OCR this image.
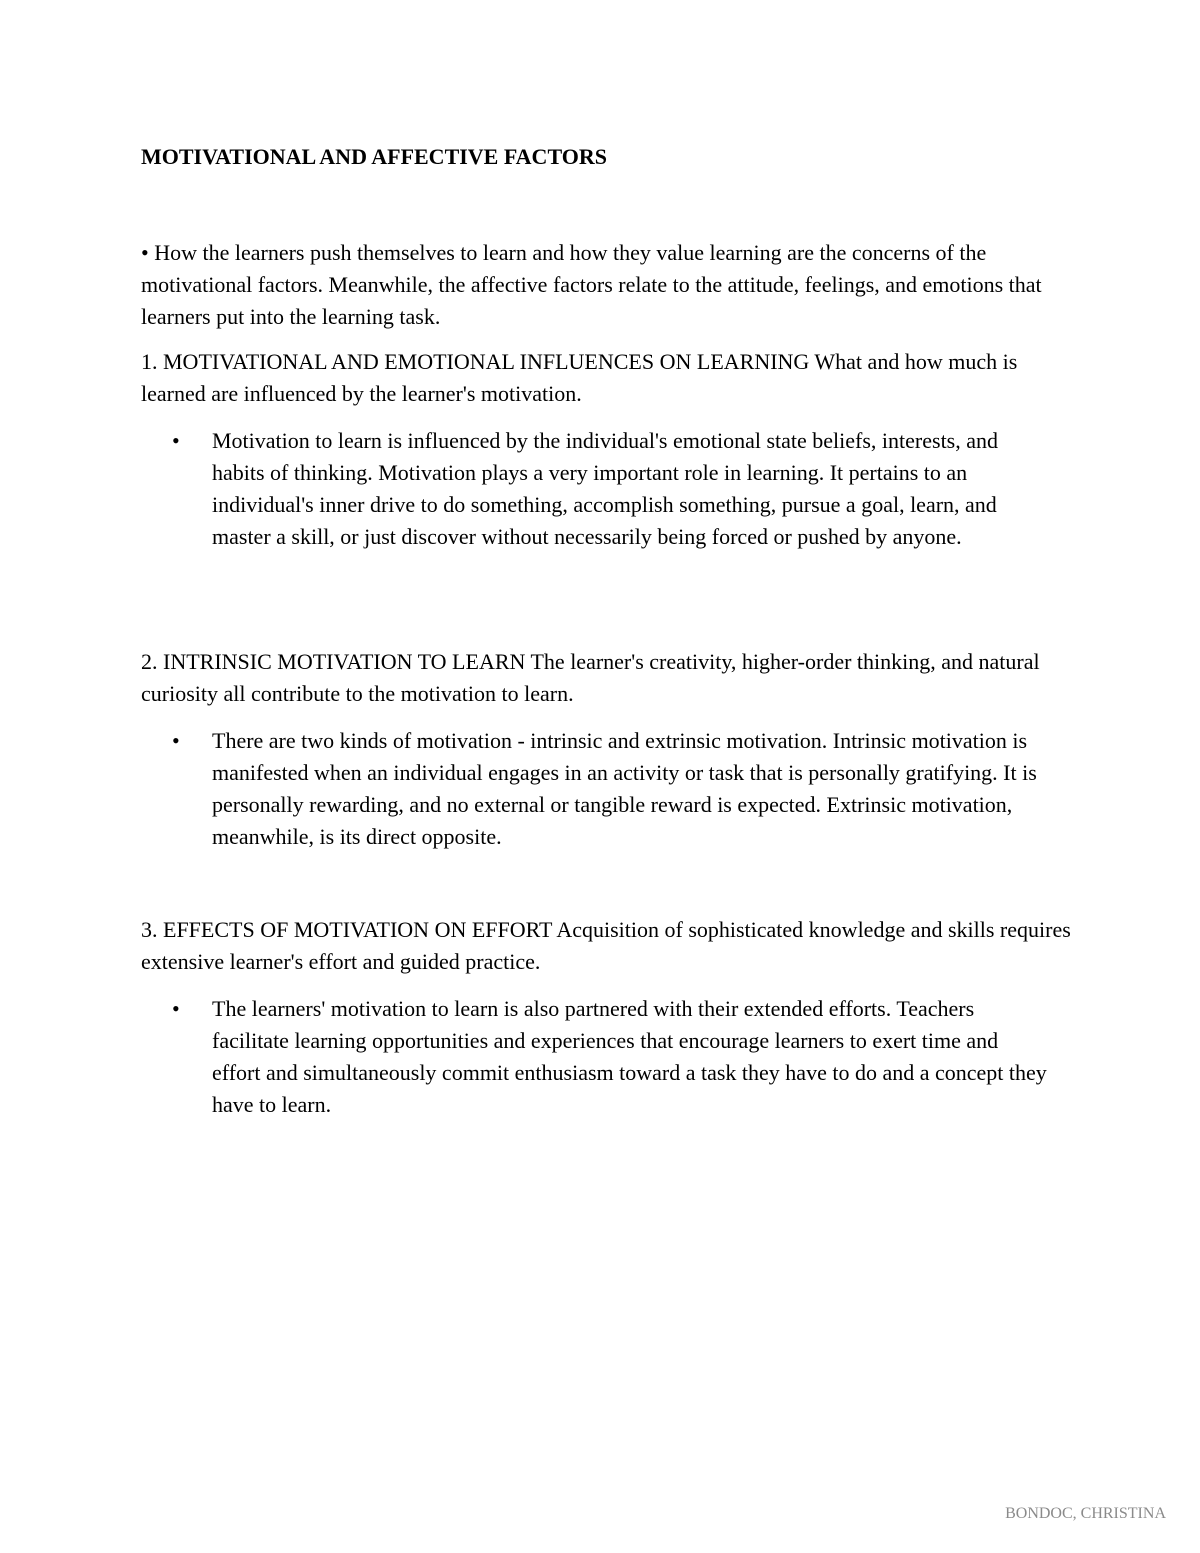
MOTIVATIONAL AND AFFECTIVE FACTORS
• How the learners push themselves to learn and how they value learning are the concerns of the motivational factors. Meanwhile, the affective factors relate to the attitude, feelings, and emotions that learners put into the learning task.
1. MOTIVATIONAL AND EMOTIONAL INFLUENCES ON LEARNING What and how much is learned are influenced by the learner's motivation.
•	Motivation to learn is influenced by the individual's emotional state beliefs, interests, and habits of thinking. Motivation plays a very important role in learning. It pertains to an individual's inner drive to do something, accomplish something, pursue a goal, learn, and master a skill, or just discover without necessarily being forced or pushed by anyone.
2. INTRINSIC MOTIVATION TO LEARN The learner's creativity, higher-order thinking, and natural curiosity all contribute to the motivation to learn.
•	There are two kinds of motivation - intrinsic and extrinsic motivation. Intrinsic motivation is manifested when an individual engages in an activity or task that is personally gratifying. It is personally rewarding, and no external or tangible reward is expected. Extrinsic motivation, meanwhile, is its direct opposite.
3. EFFECTS OF MOTIVATION ON EFFORT Acquisition of sophisticated knowledge and skills requires extensive learner's effort and guided practice.
•	The learners' motivation to learn is also partnered with their extended efforts. Teachers facilitate learning opportunities and experiences that encourage learners to exert time and effort and simultaneously commit enthusiasm toward a task they have to do and a concept they have to learn.
BONDOC, CHRISTINA
